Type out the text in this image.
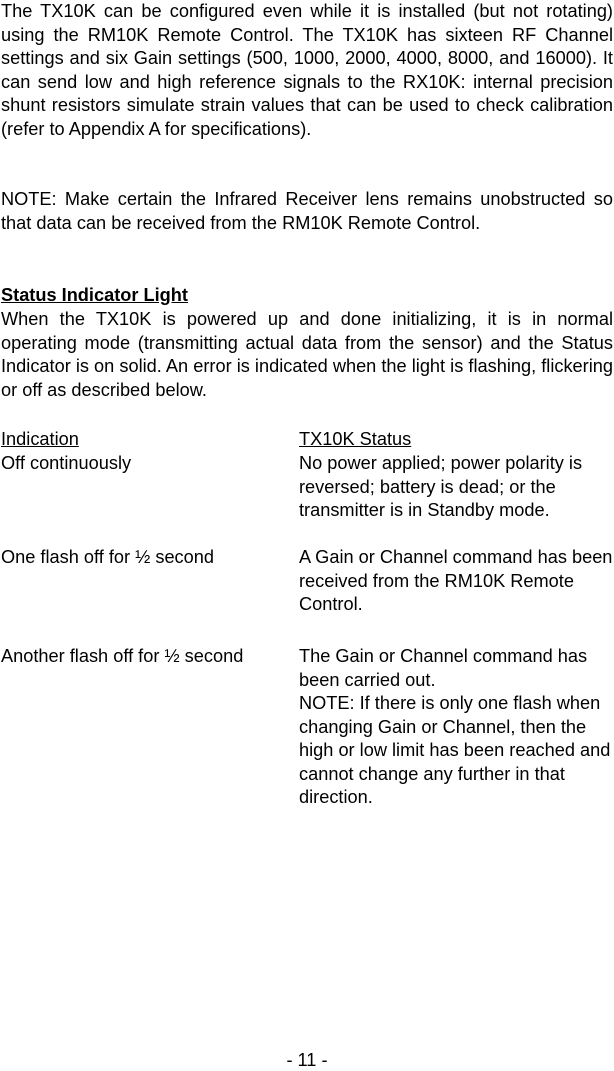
The TX10K can be configured even while it is installed (but not rotating) using the RM10K Remote Control. The TX10K has sixteen RF Channel settings and six Gain settings (500, 1000, 2000, 4000, 8000, and 16000). It can send low and high reference signals to the RX10K: internal precision shunt resistors simulate strain values that can be used to check calibration (refer to Appendix A for specifications).

NOTE: Make certain the Infrared Receiver lens remains unobstructed so that data can be received from the RM10K Remote Control.

Status Indicator Light

When the TX10K is powered up and done initializing, it is in normal operating mode (transmitting actual data from the sensor) and the Status Indicator is on solid. An error is indicated when the light is flashing, flickering or off as described below.

Indication	TX10K Status
Off continuously	No power applied; power polarity is reversed; battery is dead; or the transmitter is in Standby mode.
One flash off for ½ second	A Gain or Channel command has been received from the RM10K Remote Control.
Another flash off for ½ second	The Gain or Channel command has been carried out.
NOTE: If there is only one flash when changing Gain or Channel, then the high or low limit has been reached and cannot change any further in that direction.
- 11 -
